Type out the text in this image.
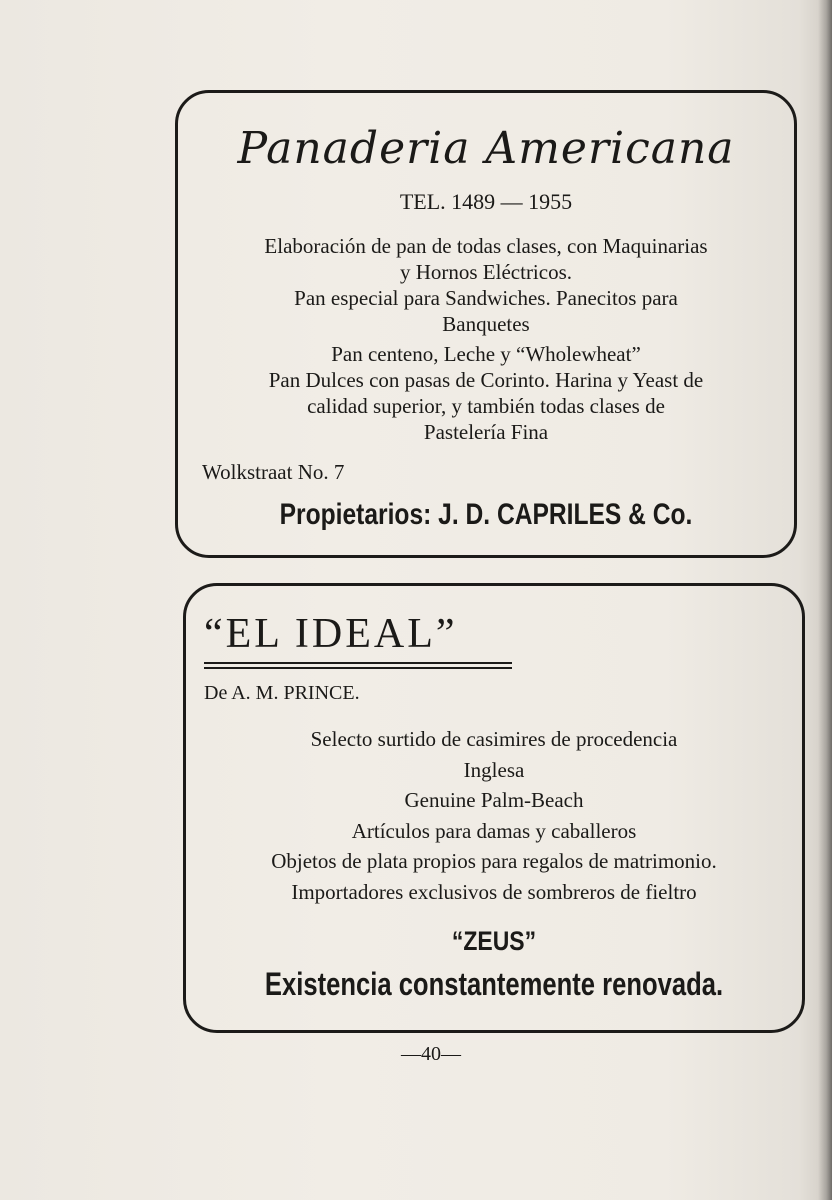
Panaderia Americana
TEL. 1489 — 1955
Elaboración de pan de todas clases, con Maquinarias
y Hornos Eléctricos.
Pan especial para Sandwiches. Panecitos para
Banquetes
Pan centeno, Leche y “Wholewheat”
Pan Dulces con pasas de Corinto. Harina y Yeast de
calidad superior, y también todas clases de
Pastelería Fina
Wolkstraat No. 7
Propietarios: J. D. CAPRILES & Co.
“EL IDEAL”
De A. M. PRINCE.
Selecto surtido de casimires de procedencia
Inglesa
Genuine Palm-Beach
Artículos para damas y caballeros
Objetos de plata propios para regalos de matrimonio.
Importadores exclusivos de sombreros de fieltro
“ZEUS”
Existencia constantemente renovada.
—40—
